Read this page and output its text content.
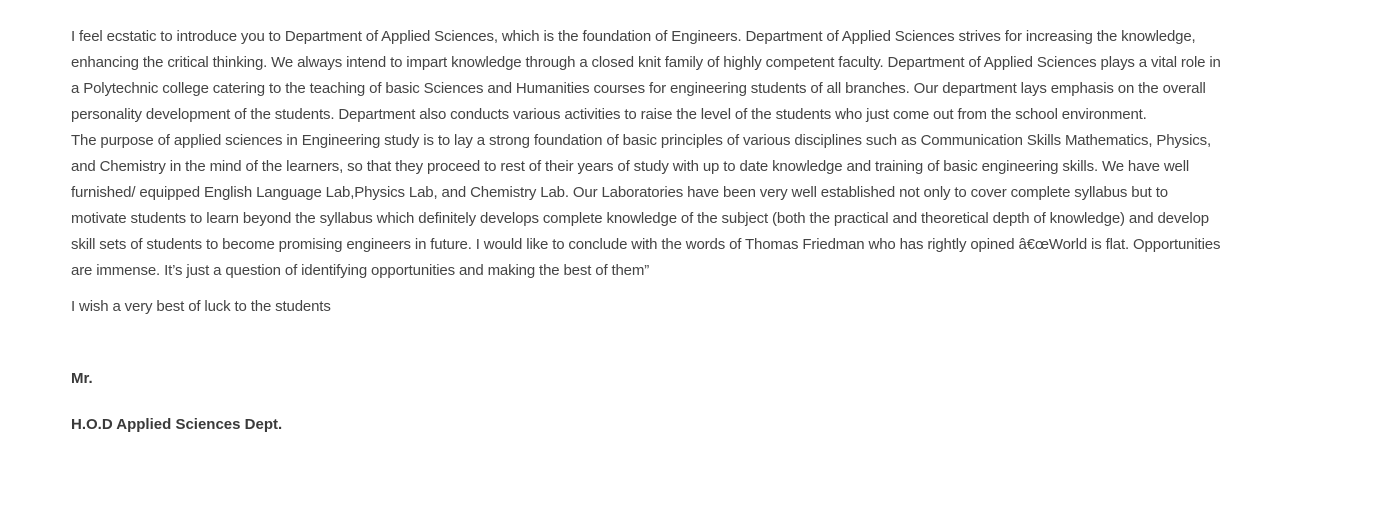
I feel ecstatic to introduce you to Department of Applied Sciences, which is the foundation of Engineers. Department of Applied Sciences strives for increasing the knowledge, enhancing the critical thinking. We always intend to impart knowledge through a closed knit family of highly competent faculty. Department of Applied Sciences plays a vital role in a Polytechnic college catering to the teaching of basic Sciences and Humanities courses for engineering students of all branches. Our department lays emphasis on the overall personality development of the students. Department also conducts various activities to raise the level of the students who just come out from the school environment.

The purpose of applied sciences in Engineering study is to lay a strong foundation of basic principles of various disciplines such as Communication Skills Mathematics, Physics, and Chemistry in the mind of the learners, so that they proceed to rest of their years of study with up to date knowledge and training of basic engineering skills. We have well furnished/ equipped English Language Lab,Physics Lab, and Chemistry Lab. Our Laboratories have been very well established not only to cover complete syllabus but to motivate students to learn beyond the syllabus which definitely develops complete knowledge of the subject (both the practical and theoretical depth of knowledge) and develop skill sets of students to become promising engineers in future. I would like to conclude with the words of Thomas Friedman who has rightly opined â€œWorld is flat. Opportunities are immense. It’s just a question of identifying opportunities and making the best of them”

I wish a very best of luck to the students

Mr.

H.O.D Applied Sciences Dept.
